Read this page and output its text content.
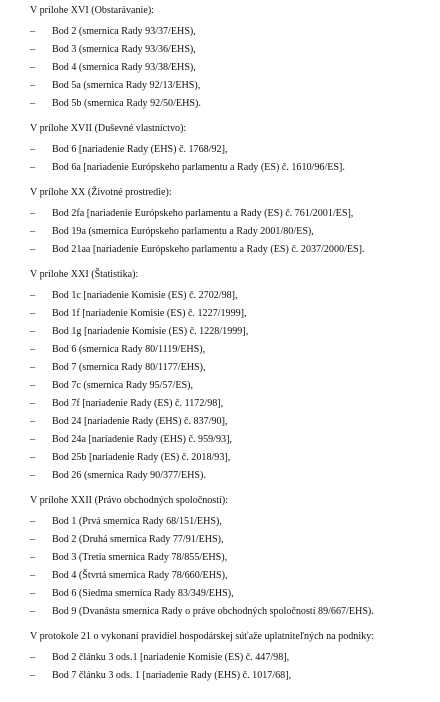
V prílohe XVI (Obstarávanie):
– Bod 2 (smernica Rady 93/37/EHS),
– Bod 3 (smernica Rady 93/36/EHS),
– Bod 4 (smernica Rady 93/38/EHS),
– Bod 5a (smernica Rady 92/13/EHS),
– Bod 5b (smernica Rady 92/50/EHS).
V prílohe XVII (Duševné vlastníctvo):
– Bod 6 [nariadenie Rady (EHS) č. 1768/92],
– Bod 6a [nariadenie Európskeho parlamentu a Rady (ES) č. 1610/96/ES].
V prílohe XX (Životné prostredie):
– Bod 2fa [nariadenie Európskeho parlamentu a Rady (ES) č. 761/2001/ES],
– Bod 19a (smernica Európskeho parlamentu a Rady 2001/80/ES),
– Bod 21aa [nariadenie Európskeho parlamentu a Rady (ES) č. 2037/2000/ES].
V prílohe XXI (Štatistika):
– Bod 1c [nariadenie Komisie (ES) č. 2702/98],
– Bod 1f [nariadenie Komisie (ES) č. 1227/1999],
– Bod 1g [nariadenie Komisie (ES) č. 1228/1999],
– Bod 6 (smernica Rady 80/1119/EHS),
– Bod 7 (smernica Rady 80/1177/EHS),
– Bod 7c (smernica Rady 95/57/ES),
– Bod 7f [nariadenie Rady (ES) č. 1172/98],
– Bod 24 [nariadenie Rady (EHS) č. 837/90],
– Bod 24a [nariadenie Rady (EHS) č. 959/93],
– Bod 25b [nariadenie Rady (ES) č. 2018/93],
– Bod 26 (smernica Rady 90/377/EHS).
V prílohe XXII (Právo obchodných spoločností):
– Bod 1 (Prvá smernica Rady 68/151/EHS),
– Bod 2 (Druhá smernica Rady 77/91/EHS),
– Bod 3 (Tretia smernica Rady 78/855/EHS),
– Bod 4 (Štvrtá smernica Rady 78/660/EHS),
– Bod 6 (Siedma smernica Rady 83/349/EHS),
– Bod 9 (Dvanásta smernica Rady o práve obchodných spoločností 89/667/EHS).
V protokole 21 o vykonaní pravidiel hospodárskej súťaže uplatniteľných na podniky:
– Bod 2 článku 3 ods.1 [nariadenie Komisie (ES) č. 447/98],
– Bod 7 článku 3 ods. 1 [nariadenie Rady (EHS) č. 1017/68],
